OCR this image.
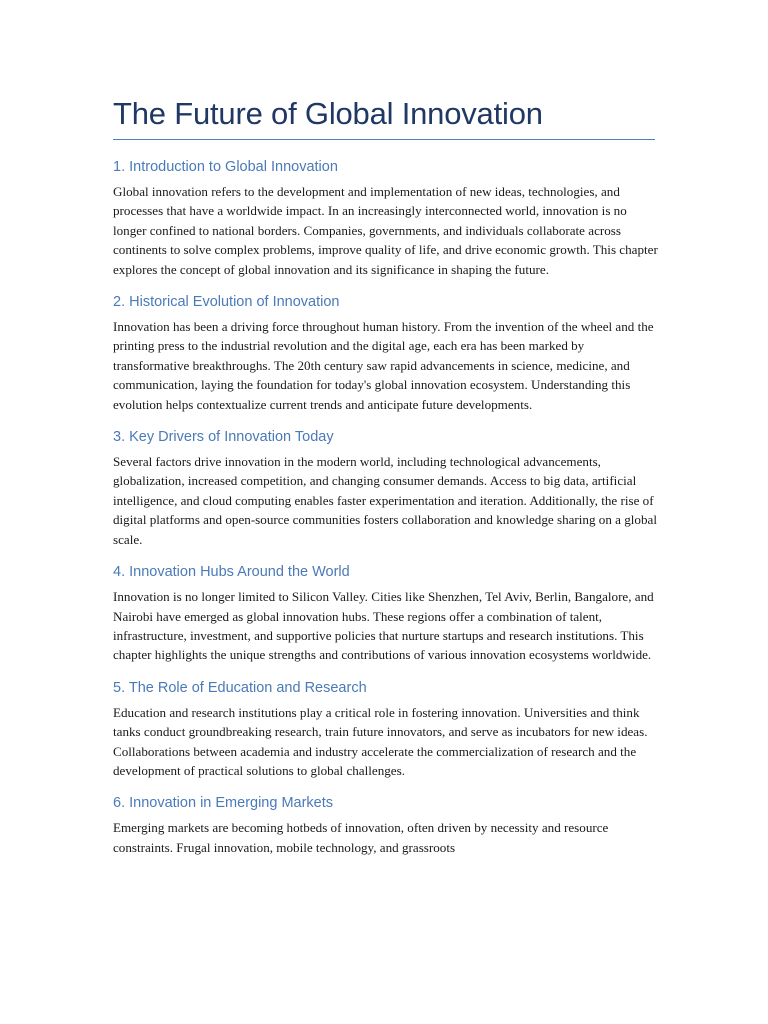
The Future of Global Innovation
1. Introduction to Global Innovation

Global innovation refers to the development and implementation of new ideas, technologies, and processes that have a worldwide impact. In an increasingly interconnected world, innovation is no longer confined to national borders. Companies, governments, and individuals collaborate across continents to solve complex problems, improve quality of life, and drive economic growth. This chapter explores the concept of global innovation and its significance in shaping the future.

2. Historical Evolution of Innovation

Innovation has been a driving force throughout human history. From the invention of the wheel and the printing press to the industrial revolution and the digital age, each era has been marked by transformative breakthroughs. The 20th century saw rapid advancements in science, medicine, and communication, laying the foundation for today's global innovation ecosystem. Understanding this evolution helps contextualize current trends and anticipate future developments.

3. Key Drivers of Innovation Today

Several factors drive innovation in the modern world, including technological advancements, globalization, increased competition, and changing consumer demands. Access to big data, artificial intelligence, and cloud computing enables faster experimentation and iteration. Additionally, the rise of digital platforms and open-source communities fosters collaboration and knowledge sharing on a global scale.

4. Innovation Hubs Around the World

Innovation is no longer limited to Silicon Valley. Cities like Shenzhen, Tel Aviv, Berlin, Bangalore, and Nairobi have emerged as global innovation hubs. These regions offer a combination of talent, infrastructure, investment, and supportive policies that nurture startups and research institutions. This chapter highlights the unique strengths and contributions of various innovation ecosystems worldwide.

5. The Role of Education and Research

Education and research institutions play a critical role in fostering innovation. Universities and think tanks conduct groundbreaking research, train future innovators, and serve as incubators for new ideas. Collaborations between academia and industry accelerate the commercialization of research and the development of practical solutions to global challenges.

6. Innovation in Emerging Markets

Emerging markets are becoming hotbeds of innovation, often driven by necessity and resource constraints. Frugal innovation, mobile technology, and grassroots
